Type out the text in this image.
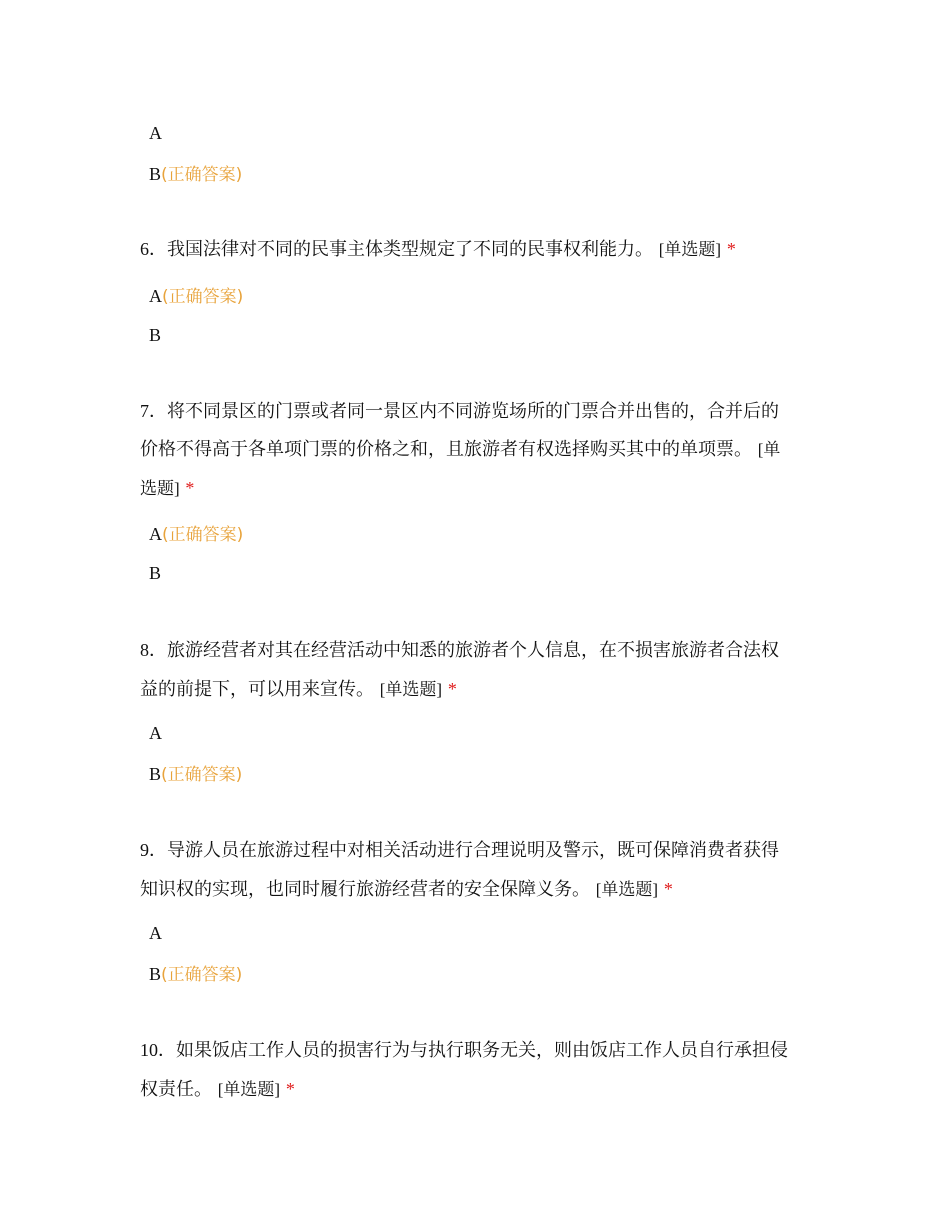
A
B(正确答案)
6．我国法律对不同的民事主体类型规定了不同的民事权利能力。 [单选题] *
A(正确答案)
B
7．将不同景区的门票或者同一景区内不同游览场所的门票合并出售的，合并后的
价格不得高于各单项门票的价格之和，且旅游者有权选择购买其中的单项票。 [单
选题] *
A(正确答案)
B
8．旅游经营者对其在经营活动中知悉的旅游者个人信息，在不损害旅游者合法权
益的前提下，可以用来宣传。 [单选题] *
A
B(正确答案)
9．导游人员在旅游过程中对相关活动进行合理说明及警示，既可保障消费者获得
知识权的实现，也同时履行旅游经营者的安全保障义务。 [单选题] *
A
B(正确答案)
10．如果饭店工作人员的损害行为与执行职务无关，则由饭店工作人员自行承担侵
权责任。 [单选题] *
